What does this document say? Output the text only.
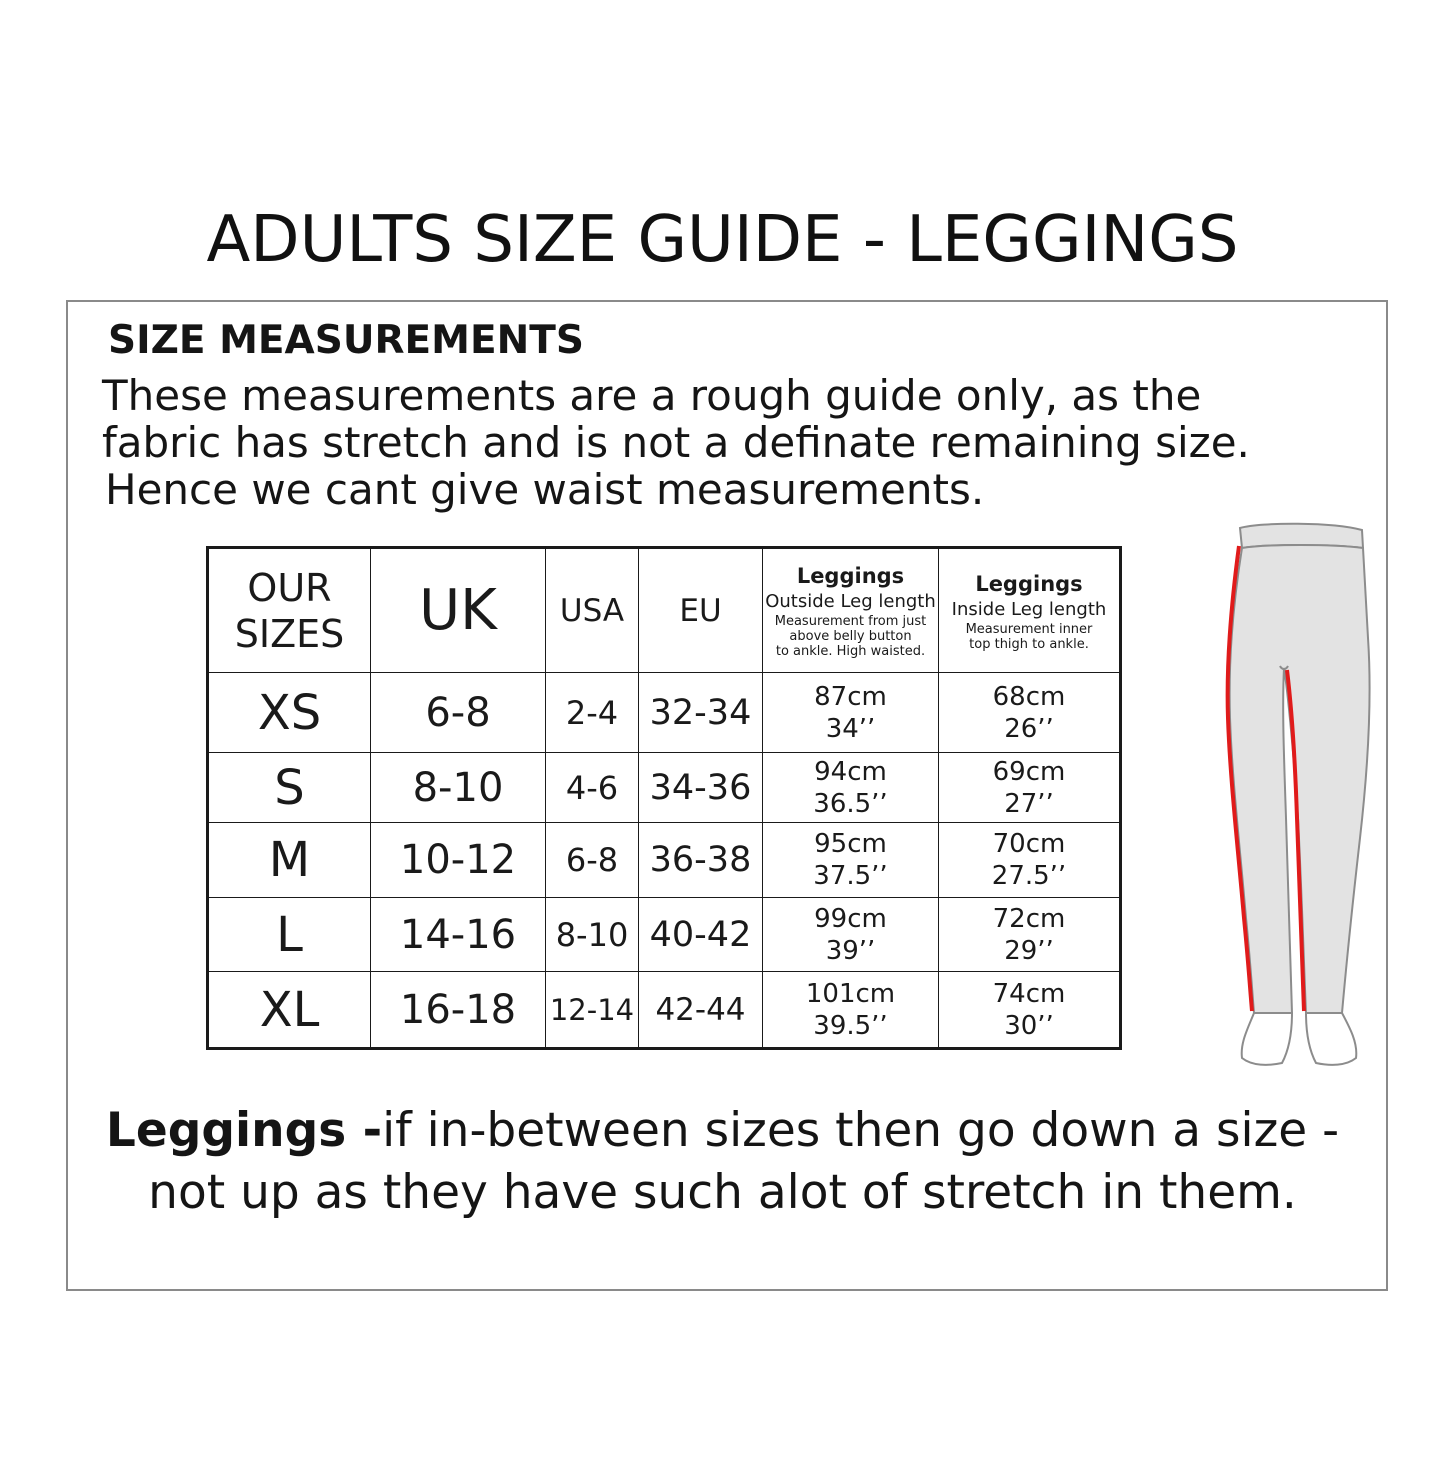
ADULTS SIZE GUIDE - LEGGINGS
SIZE MEASUREMENTS
These measurements are a rough guide only, as the
fabric has stretch and is not a definate remaining size.
Hence we cant give waist measurements.
OUR
SIZES	UK	USA	EU	Leggings
Outside Leg length
Measurement from just
above belly button
to ankle. High waisted.	Leggings
Inside Leg length
Measurement inner
top thigh to ankle.

XS	6-8	2-4	32-34	87cm
34’’	68cm
26’’

S	8-10	4-6	34-36	94cm
36.5’’	69cm
27’’

M	10-12	6-8	36-38	95cm
37.5’’	70cm
27.5’’

L	14-16	8-10	40-42	99cm
39’’	72cm
29’’

XL	16-18	12-14	42-44	101cm
39.5’’	74cm
30’’
Leggings -if in-between sizes then go down a size -
not up as they have such alot of stretch in them.
